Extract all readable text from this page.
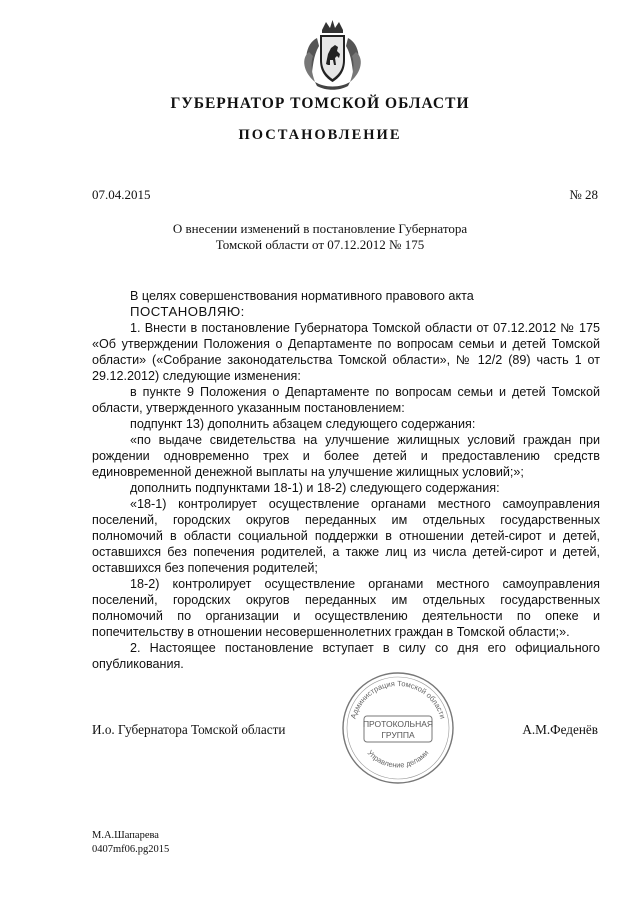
ГУБЕРНАТОР ТОМСКОЙ ОБЛАСТИ
ПОСТАНОВЛЕНИЕ
07.04.2015	№ 28
О внесении изменений в постановление Губернатора
Томской области от 07.12.2012 № 175

В целях совершенствования нормативного правового акта

ПОСТАНОВЛЯЮ:

1. Внести в постановление Губернатора Томской области от 07.12.2012 № 175 «Об утверждении Положения о Департаменте по вопросам семьи и детей Томской области» («Собрание законодательства Томской области», № 12/2 (89) часть 1 от 29.12.2012) следующие изменения:

в пункте 9 Положения о Департаменте по вопросам семьи и детей Томской области, утвержденного указанным постановлением:

подпункт 13) дополнить абзацем следующего содержания:

«по выдаче свидетельства на улучшение жилищных условий граждан при рождении одновременно трех и более детей и предоставлению средств единовременной денежной выплаты на улучшение жилищных условий;»;

дополнить подпунктами 18-1) и 18-2) следующего содержания:

«18-1) контролирует осуществление органами местного самоуправления поселений, городских округов переданных им отдельных государственных полномочий в области социальной поддержки в отношении детей-сирот и детей, оставшихся без попечения родителей, а также лиц из числа детей-сирот и детей, оставшихся без попечения родителей;

18-2) контролирует осуществление органами местного самоуправления поселений, городских округов переданных им отдельных государственных полномочий по организации и осуществлению деятельности по опеке и попечительству в отношении несовершеннолетних граждан в Томской области;».

2. Настоящее постановление вступает в силу со дня его официального опубликования.

И.о. Губернатора Томской области	А.М.Феденёв
Администрация Томской области
Управление делами
ПРОТОКОЛЬНАЯ
ГРУППА
М.А.Шапарева
0407mf06.pg2015
